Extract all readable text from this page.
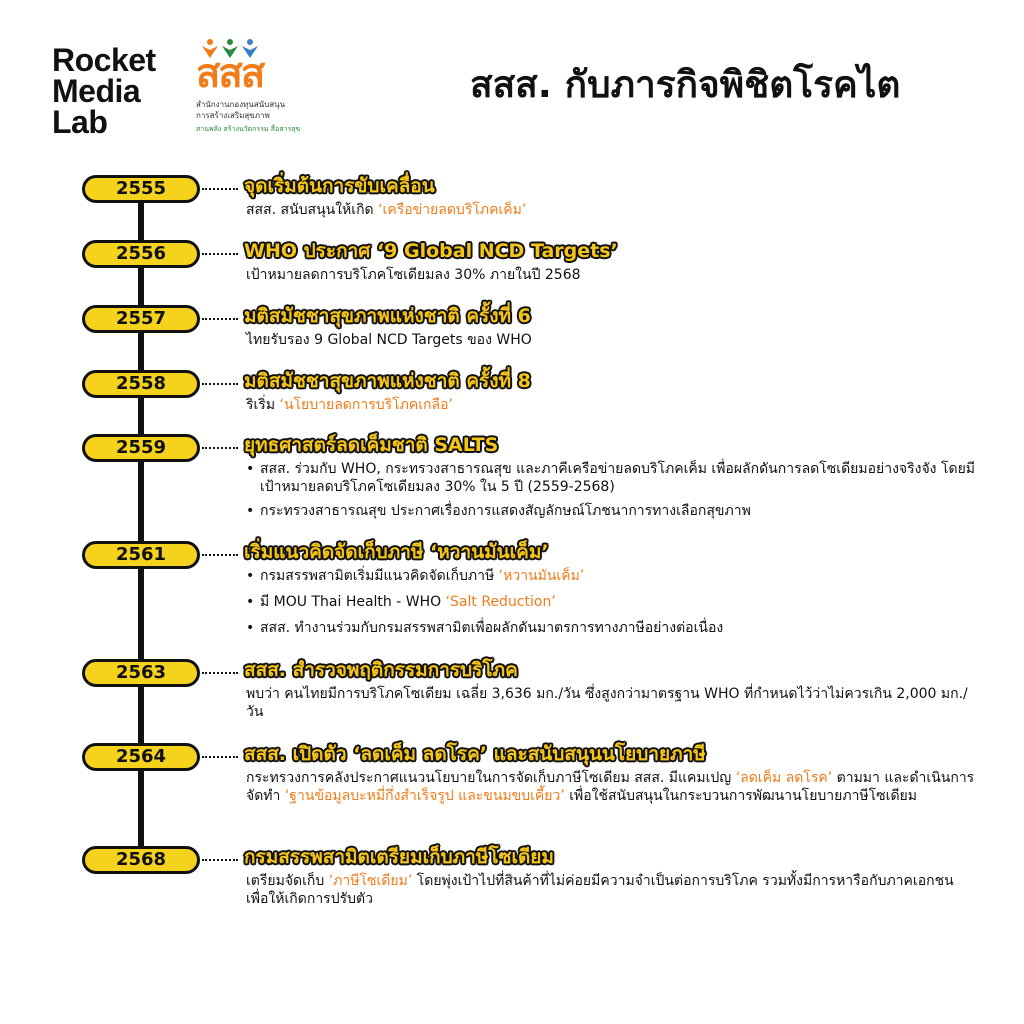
Rocket
Media
Lab
สสส
สำนักงานกองทุนสนับสนุน
การสร้างเสริมสุขภาพ
สานพลัง สร้างนวัตกรรม สื่อสารสุข
สสส. กับภารกิจพิชิตโรคไต
2555	จุดเริ่มต้นการขับเคลื่อน

สสส. สนับสนุนให้เกิด ‘เครือข่ายลดบริโภคเค็ม’

2556	WHO ประกาศ ‘9 Global NCD Targets’

เป้าหมายลดการบริโภคโซเดียมลง 30% ภายในปี 2568

2557	มติสมัชชาสุขภาพแห่งชาติ ครั้งที่ 6

ไทยรับรอง 9 Global NCD Targets ของ WHO

2558	มติสมัชชาสุขภาพแห่งชาติ ครั้งที่ 8

ริเริ่ม ‘นโยบายลดการบริโภคเกลือ’

2559	ยุทธศาสตร์ลดเค็มชาติ SALTS
• สสส. ร่วมกับ WHO, กระทรวงสาธารณสุข และภาคีเครือข่ายลดบริโภคเค็ม เพื่อผลักดันการลดโซเดียมอย่างจริงจัง โดยมีเป้าหมายลดบริโภคโซเดียมลง 30% ใน 5 ปี (2559-2568)
• กระทรวงสาธารณสุข ประกาศเรื่องการแสดงสัญลักษณ์โภชนาการทางเลือกสุขภาพ
2561	เริ่มแนวคิดจัดเก็บภาษี ‘หวานมันเค็ม’
• กรมสรรพสามิตเริ่มมีแนวคิดจัดเก็บภาษี ‘หวานมันเค็ม’
• มี MOU Thai Health - WHO ‘Salt Reduction’
• สสส. ทำงานร่วมกับกรมสรรพสามิตเพื่อผลักดันมาตรการทางภาษีอย่างต่อเนื่อง
2563	สสส. สำรวจพฤติกรรมการบริโภค

พบว่า คนไทยมีการบริโภคโซเดียม เฉลี่ย 3,636 มก./วัน ซึ่งสูงกว่ามาตรฐาน WHO ที่กำหนดไว้ว่าไม่ควรเกิน 2,000 มก./วัน

2564	สสส. เปิดตัว ‘ลดเค็ม ลดโรค’ และสนับสนุนนโยบายภาษี

กระทรวงการคลังประกาศแนวนโยบายในการจัดเก็บภาษีโซเดียม สสส. มีแคมเปญ ‘ลดเค็ม ลดโรค’ ตามมา และดำเนินการจัดทำ ‘ฐานข้อมูลบะหมี่กึ่งสำเร็จรูป และขนมขบเคี้ยว’ เพื่อใช้สนับสนุนในกระบวนการพัฒนานโยบายภาษีโซเดียม

2568	กรมสรรพสามิตเตรียมเก็บภาษีโซเดียม

เตรียมจัดเก็บ ‘ภาษีโซเดียม’ โดยพุ่งเป้าไปที่สินค้าที่ไม่ค่อยมีความจำเป็นต่อการบริโภค รวมทั้งมีการหารือกับภาคเอกชนเพื่อให้เกิดการปรับตัว
